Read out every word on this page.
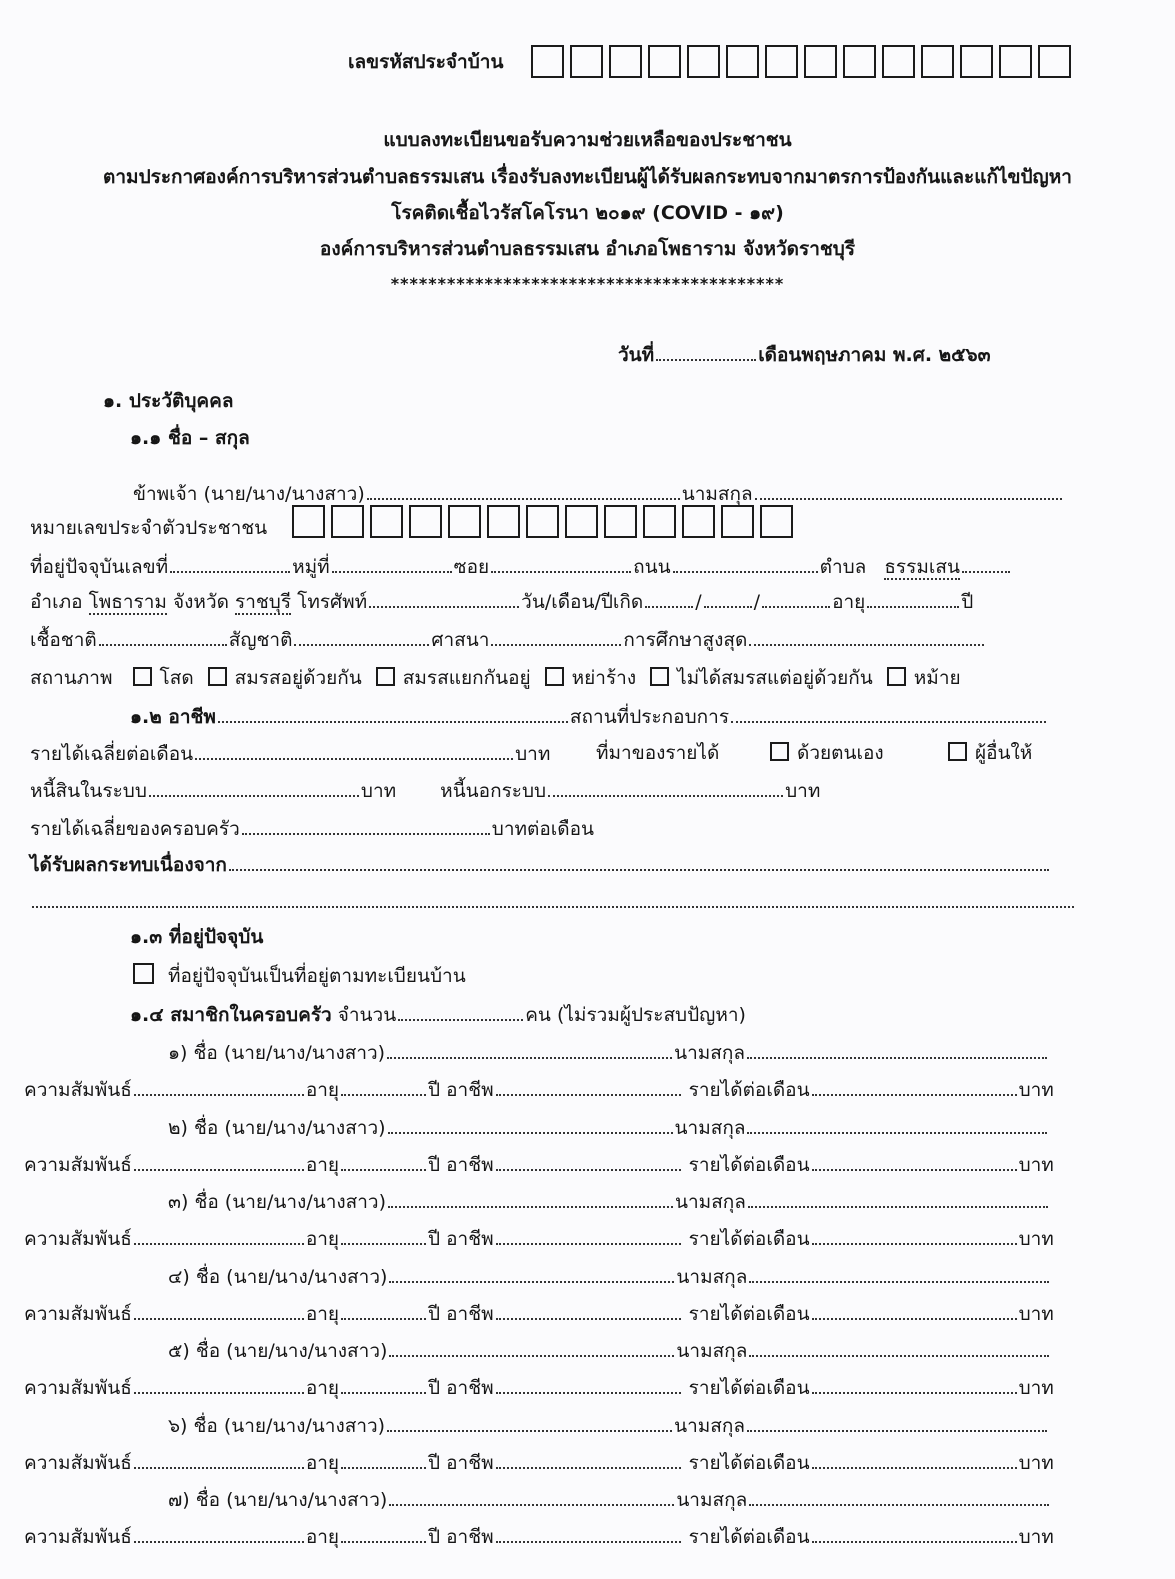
เลขรหัสประจำบ้าน
แบบลงทะเบียนขอรับความช่วยเหลือของประชาชน
ตามประกาศองค์การบริหารส่วนตำบลธรรมเสน เรื่องรับลงทะเบียนผู้ได้รับผลกระทบจากมาตรการป้องกันและแก้ไขปัญหา
โรคติดเชื้อไวรัสโคโรนา ๒๐๑๙ (COVID - ๑๙)
องค์การบริหารส่วนตำบลธรรมเสน อำเภอโพธาราม จังหวัดราชบุรี
******************************************
วันที่	เดือนพฤษภาคม พ.ศ. ๒๕๖๓
๑. ประวัติบุคคล
๑.๑ ชื่อ – สกุล
ข้าพเจ้า (นาย/นาง/นางสาว)	นามสกุล
หมายเลขประจำตัวประชาชน
ที่อยู่ปัจจุบันเลขที่	หมู่ที่	ซอย	ถนน	ตำบล ธรรมเสน
อำเภอ โพธาราม จังหวัด ราชบุรี โทรศัพท์	วัน/เดือน/ปีเกิด	/	/	อายุ	ปี
เชื้อชาติ	สัญชาติ	ศาสนา	การศึกษาสูงสุด
สถานภาพ โสด สมรสอยู่ด้วยกัน สมรสแยกกันอยู่ หย่าร้าง ไม่ได้สมรสแต่อยู่ด้วยกัน หม้าย
๑.๒ อาชีพ	สถานที่ประกอบการ
รายได้เฉลี่ยต่อเดือน	บาท ที่มาของรายได้	ด้วยตนเอง	ผู้อื่นให้
หนี้สินในระบบ	บาท หนี้นอกระบบ	บาท
รายได้เฉลี่ยของครอบครัว	บาทต่อเดือน
ได้รับผลกระทบเนื่องจาก
๑.๓ ที่อยู่ปัจจุบัน
ที่อยู่ปัจจุบันเป็นที่อยู่ตามทะเบียนบ้าน
๑.๔ สมาชิกในครอบครัว จำนวน	คน (ไม่รวมผู้ประสบปัญหา)
๑) ชื่อ (นาย/นาง/นางสาว)	นามสกุล
ความสัมพันธ์	อายุ	ปี อาชีพ	รายได้ต่อเดือน	บาท
๒) ชื่อ (นาย/นาง/นางสาว)	นามสกุล
ความสัมพันธ์	อายุ	ปี อาชีพ	รายได้ต่อเดือน	บาท
๓) ชื่อ (นาย/นาง/นางสาว)	นามสกุล
ความสัมพันธ์	อายุ	ปี อาชีพ	รายได้ต่อเดือน	บาท
๔) ชื่อ (นาย/นาง/นางสาว)	นามสกุล
ความสัมพันธ์	อายุ	ปี อาชีพ	รายได้ต่อเดือน	บาท
๕) ชื่อ (นาย/นาง/นางสาว)	นามสกุล
ความสัมพันธ์	อายุ	ปี อาชีพ	รายได้ต่อเดือน	บาท
๖) ชื่อ (นาย/นาง/นางสาว)	นามสกุล
ความสัมพันธ์	อายุ	ปี อาชีพ	รายได้ต่อเดือน	บาท
๗) ชื่อ (นาย/นาง/นางสาว)	นามสกุล
ความสัมพันธ์	อายุ	ปี อาชีพ	รายได้ต่อเดือน	บาท
